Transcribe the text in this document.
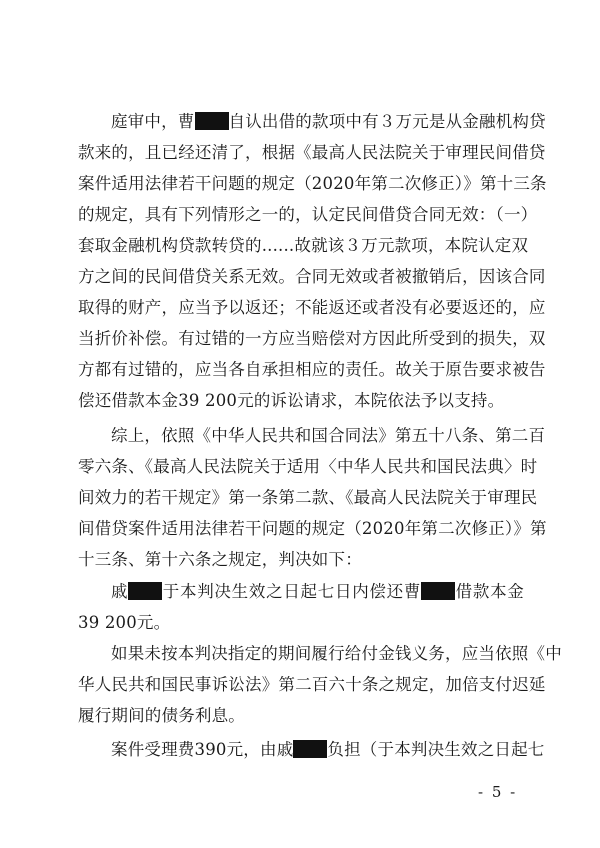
庭审中，曹 自认出借的款项中有３万元是从金融机构贷
款来的，且已经还清了，根据《最高人民法院关于审理民间借贷
案件适用法律若干问题的规定（2020年第二次修正）》第十三条
的规定，具有下列情形之一的，认定民间借贷合同无效：（一）
套取金融机构贷款转贷的......故就该３万元款项，本院认定双
方之间的民间借贷关系无效。合同无效或者被撤销后，因该合同
取得的财产，应当予以返还；不能返还或者没有必要返还的，应
当折价补偿。有过错的一方应当赔偿对方因此所受到的损失，双
方都有过错的，应当各自承担相应的责任。故关于原告要求被告
偿还借款本金39 200元的诉讼请求，本院依法予以支持。
综上，依照《中华人民共和国合同法》第五十八条、第二百
零六条、《最高人民法院关于适用〈中华人民共和国民法典〉时
间效力的若干规定》第一条第二款、《最高人民法院关于审理民
间借贷案件适用法律若干问题的规定（2020年第二次修正）》第
十三条、第十六条之规定，判决如下：
戚 于本判决生效之日起七日内偿还曹 借款本金
39 200元。
如果未按本判决指定的期间履行给付金钱义务，应当依照《中
华人民共和国民事诉讼法》第二百六十条之规定，加倍支付迟延
履行期间的债务利息。
案件受理费390元，由戚 负担（于本判决生效之日起七
- 5 -
